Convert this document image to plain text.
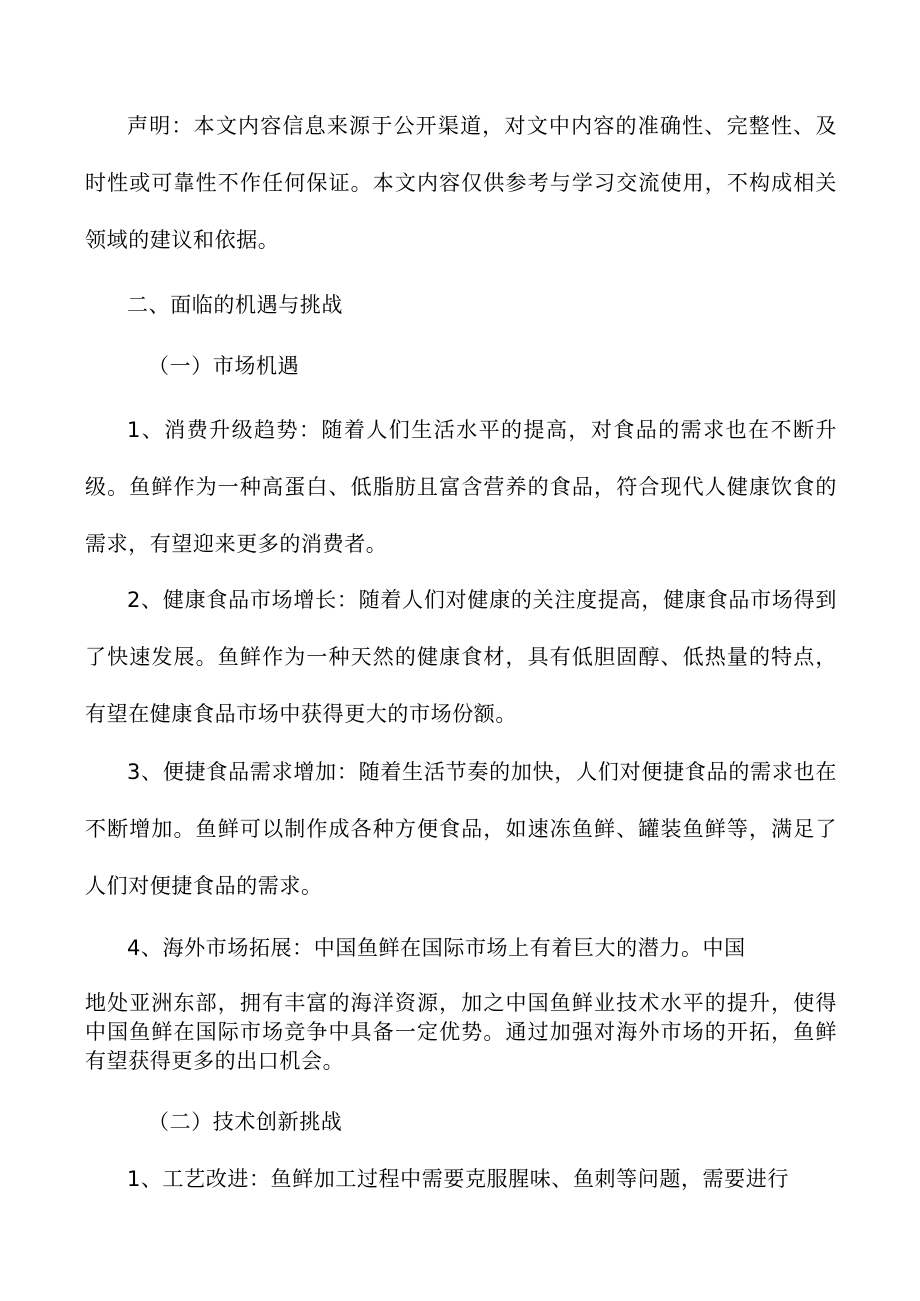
声明：本文内容信息来源于公开渠道，对文中内容的准确性、完整性、及时性或可靠性不作任何保证。本文内容仅供参考与学习交流使用，不构成相关领域的建议和依据。

二、面临的机遇与挑战
（一）市场机遇

1、消费升级趋势：随着人们生活水平的提高，对食品的需求也在不断升级。鱼鲜作为一种高蛋白、低脂肪且富含营养的食品，符合现代人健康饮食的需求，有望迎来更多的消费者。

2、健康食品市场增长：随着人们对健康的关注度提高，健康食品市场得到了快速发展。鱼鲜作为一种天然的健康食材，具有低胆固醇、低热量的特点，有望在健康食品市场中获得更大的市场份额。

3、便捷食品需求增加：随着生活节奏的加快，人们对便捷食品的需求也在不断增加。鱼鲜可以制作成各种方便食品，如速冻鱼鲜、罐装鱼鲜等，满足了人们对便捷食品的需求。

4、海外市场拓展：中国鱼鲜在国际市场上有着巨大的潜力。中国

地处亚洲东部，拥有丰富的海洋资源，加之中国鱼鲜业技术水平的提升，使得中国鱼鲜在国际市场竞争中具备一定优势。通过加强对海外市场的开拓，鱼鲜有望获得更多的出口机会。

（二）技术创新挑战

1、工艺改进：鱼鲜加工过程中需要克服腥味、鱼刺等问题，需要进行
